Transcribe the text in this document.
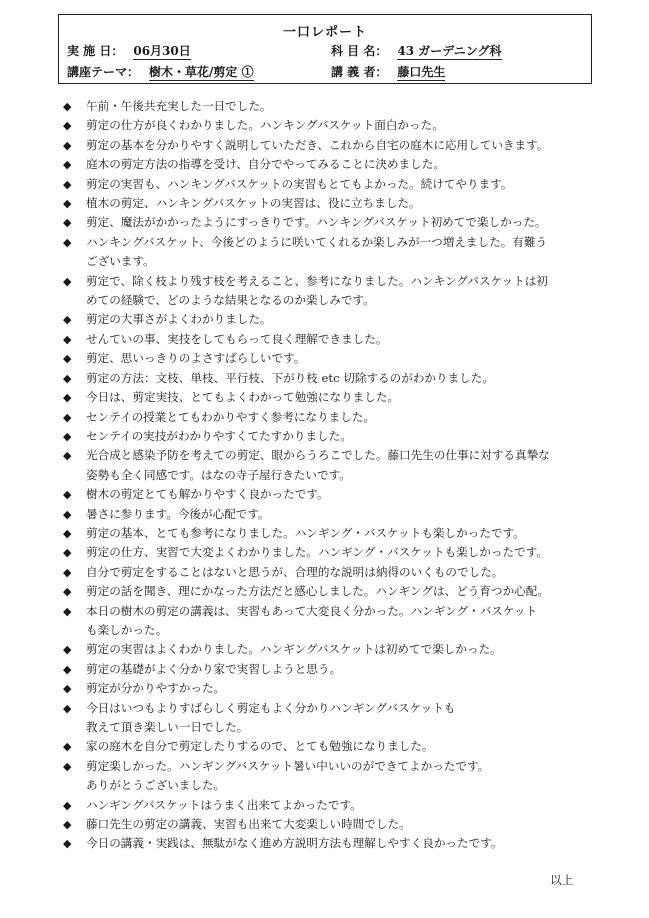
一口レポート
実 施 日： 06月30日	科 目 名： 43 ガーデニング科
講座テーマ： 樹木・草花/剪定 ①	講 義 者： 藤口先生
◆ 午前・午後共充実した一日でした。
◆ 剪定の仕方が良くわかりました。ハンキングバスケット面白かった。
◆ 剪定の基本を分かりやすく説明していただき、これから自宅の庭木に応用していきます。
◆ 庭木の剪定方法の指導を受け、自分でやってみることに決めました。
◆ 剪定の実習も、ハンキングバスケットの実習もとてもよかった。続けてやります。
◆ 植木の剪定、ハンキングバスケットの実習は、役に立ちました。
◆ 剪定、魔法がかかったようにすっきりです。ハンキングバスケット初めてで楽しかった。
◆ ハンキングバスケット、今後どのように咲いてくれるか楽しみが一つ増えました。有難う
ございます。
◆ 剪定で、除く枝より残す枝を考えること、参考になりました。ハンキングバスケットは初
めての経験で、どのような結果となるのか楽しみです。
◆ 剪定の大事さがよくわかりました。
◆ せんていの事、実技をしてもらって良く理解できました。
◆ 剪定、思いっきりのよさすばらしいです。
◆ 剪定の方法：文枝、単枝、平行枝、下がり枝 etc 切除するのがわかりました。
◆ 今日は、剪定実技、とてもよくわかって勉強になりました。
◆ センテイの授業とてもわかりやすく参考になりました。
◆ センテイの実技がわかりやすくてたすかりました。
◆ 光合成と感染予防を考えての剪定、眼からうろこでした。藤口先生の仕事に対する真摯な
姿勢も全く同感です。はなの寺子屋行きたいです。
◆ 樹木の剪定とても解かりやすく良かったです。
◆ 暑さに参ります。今後が心配です。
◆ 剪定の基本、とても参考になりました。ハンギング・バスケットも楽しかったです。
◆ 剪定の仕方、実習で大変よくわかりました。ハンギング・バスケットも楽しかったです。
◆ 自分で剪定をすることはないと思うが、合理的な説明は納得のいくものでした。
◆ 剪定の話を聞き、理にかなった方法だと感心しました。ハンギングは、どう育つか心配。
◆ 本日の樹木の剪定の講義は、実習もあって大変良く分かった。ハンギング・バスケット
も楽しかった。
◆ 剪定の実習はよくわかりました。ハンギングバスケットは初めてで楽しかった。
◆ 剪定の基礎がよく分かり家で実習しようと思う。
◆ 剪定が分かりやすかった。
◆ 今日はいつもよりすばらしく剪定もよく分かりハンギングバスケットも
教えて頂き楽しい一日でした。
◆ 家の庭木を自分で剪定したりするので、とても勉強になりました。
◆ 剪定楽しかった。ハンギングバスケット暑い中いいのができてよかったです。
ありがとうございました。
◆ ハンギングバスケットはうまく出来てよかったです。
◆ 藤口先生の剪定の講義、実習も出来て大変楽しい時間でした。
◆ 今日の講義・実践は、無駄がなく進め方説明方法も理解しやすく良かったです。
以上
